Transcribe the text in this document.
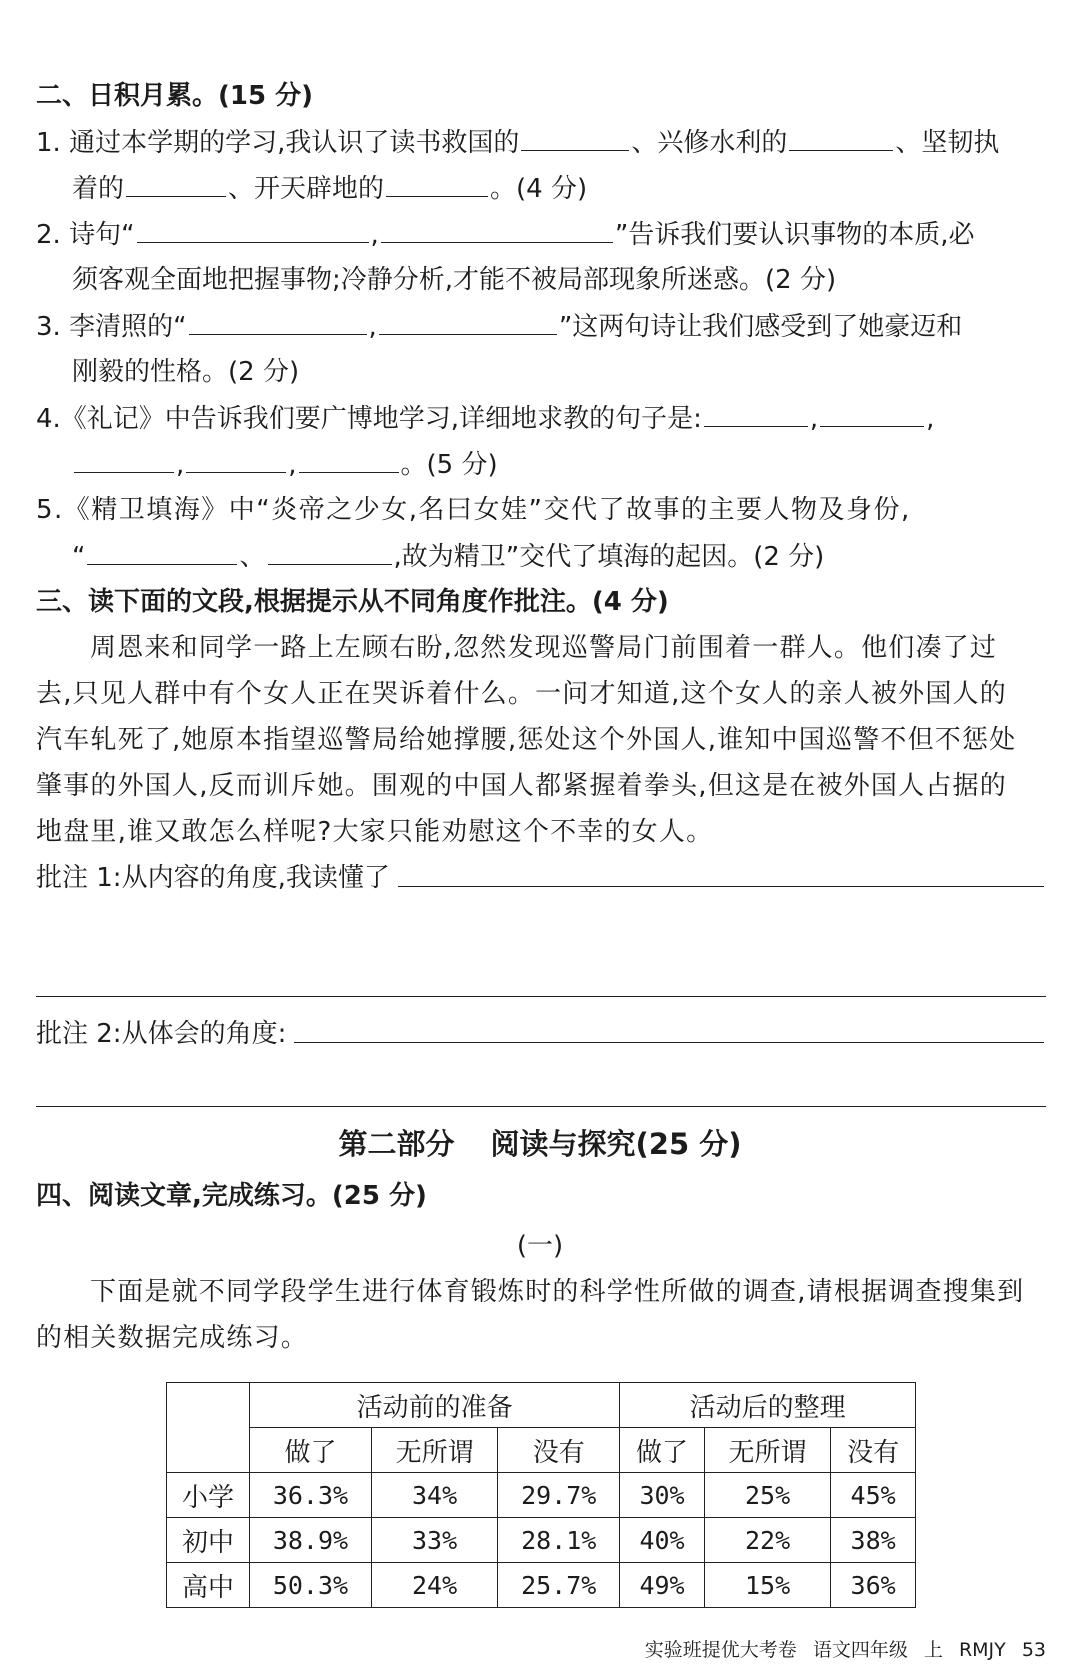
二、日积月累。(15 分)
1. 通过本学期的学习,我认识了读书救国的	、兴修水利的	、坚韧执
着的	、开天辟地的	。(4 分)
2. 诗句“	,	”告诉我们要认识事物的本质,必
须客观全面地把握事物;冷静分析,才能不被局部现象所迷惑。(2 分)
3. 李清照的“	,	”这两句诗让我们感受到了她豪迈和
刚毅的性格。(2 分)
4.《礼记》中告诉我们要广博地学习,详细地求教的句子是:	,	,
,	,	。(5 分)
5.《精卫填海》中“炎帝之少女,名曰女娃”交代了故事的主要人物及身份,
“	、	,故为精卫”交代了填海的起因。(2 分)
三、读下面的文段,根据提示从不同角度作批注。(4 分)
周恩来和同学一路上左顾右盼,忽然发现巡警局门前围着一群人。他们凑了过
去,只见人群中有个女人正在哭诉着什么。一问才知道,这个女人的亲人被外国人的
汽车轧死了,她原本指望巡警局给她撑腰,惩处这个外国人,谁知中国巡警不但不惩处
肇事的外国人,反而训斥她。围观的中国人都紧握着拳头,但这是在被外国人占据的
地盘里,谁又敢怎么样呢?大家只能劝慰这个不幸的女人。
批注 1:从内容的角度,我读懂了
批注 2:从体会的角度:
第二部分 阅读与探究(25 分)
四、阅读文章,完成练习。(25 分)
(一)
下面是就不同学段学生进行体育锻炼时的科学性所做的调查,请根据调查搜集到
的相关数据完成练习。
	活动前的准备			活动后的整理		
	做了	无所谓	没有	做了	无所谓	没有
小学	36.3%	34%	29.7%	30%	25%	45%
初中	38.9%	33%	28.1%	40%	22%	38%
高中	50.3%	24%	25.7%	49%	15%	36%
实验班提优大考卷 语文四年级 上 RMJY 53
